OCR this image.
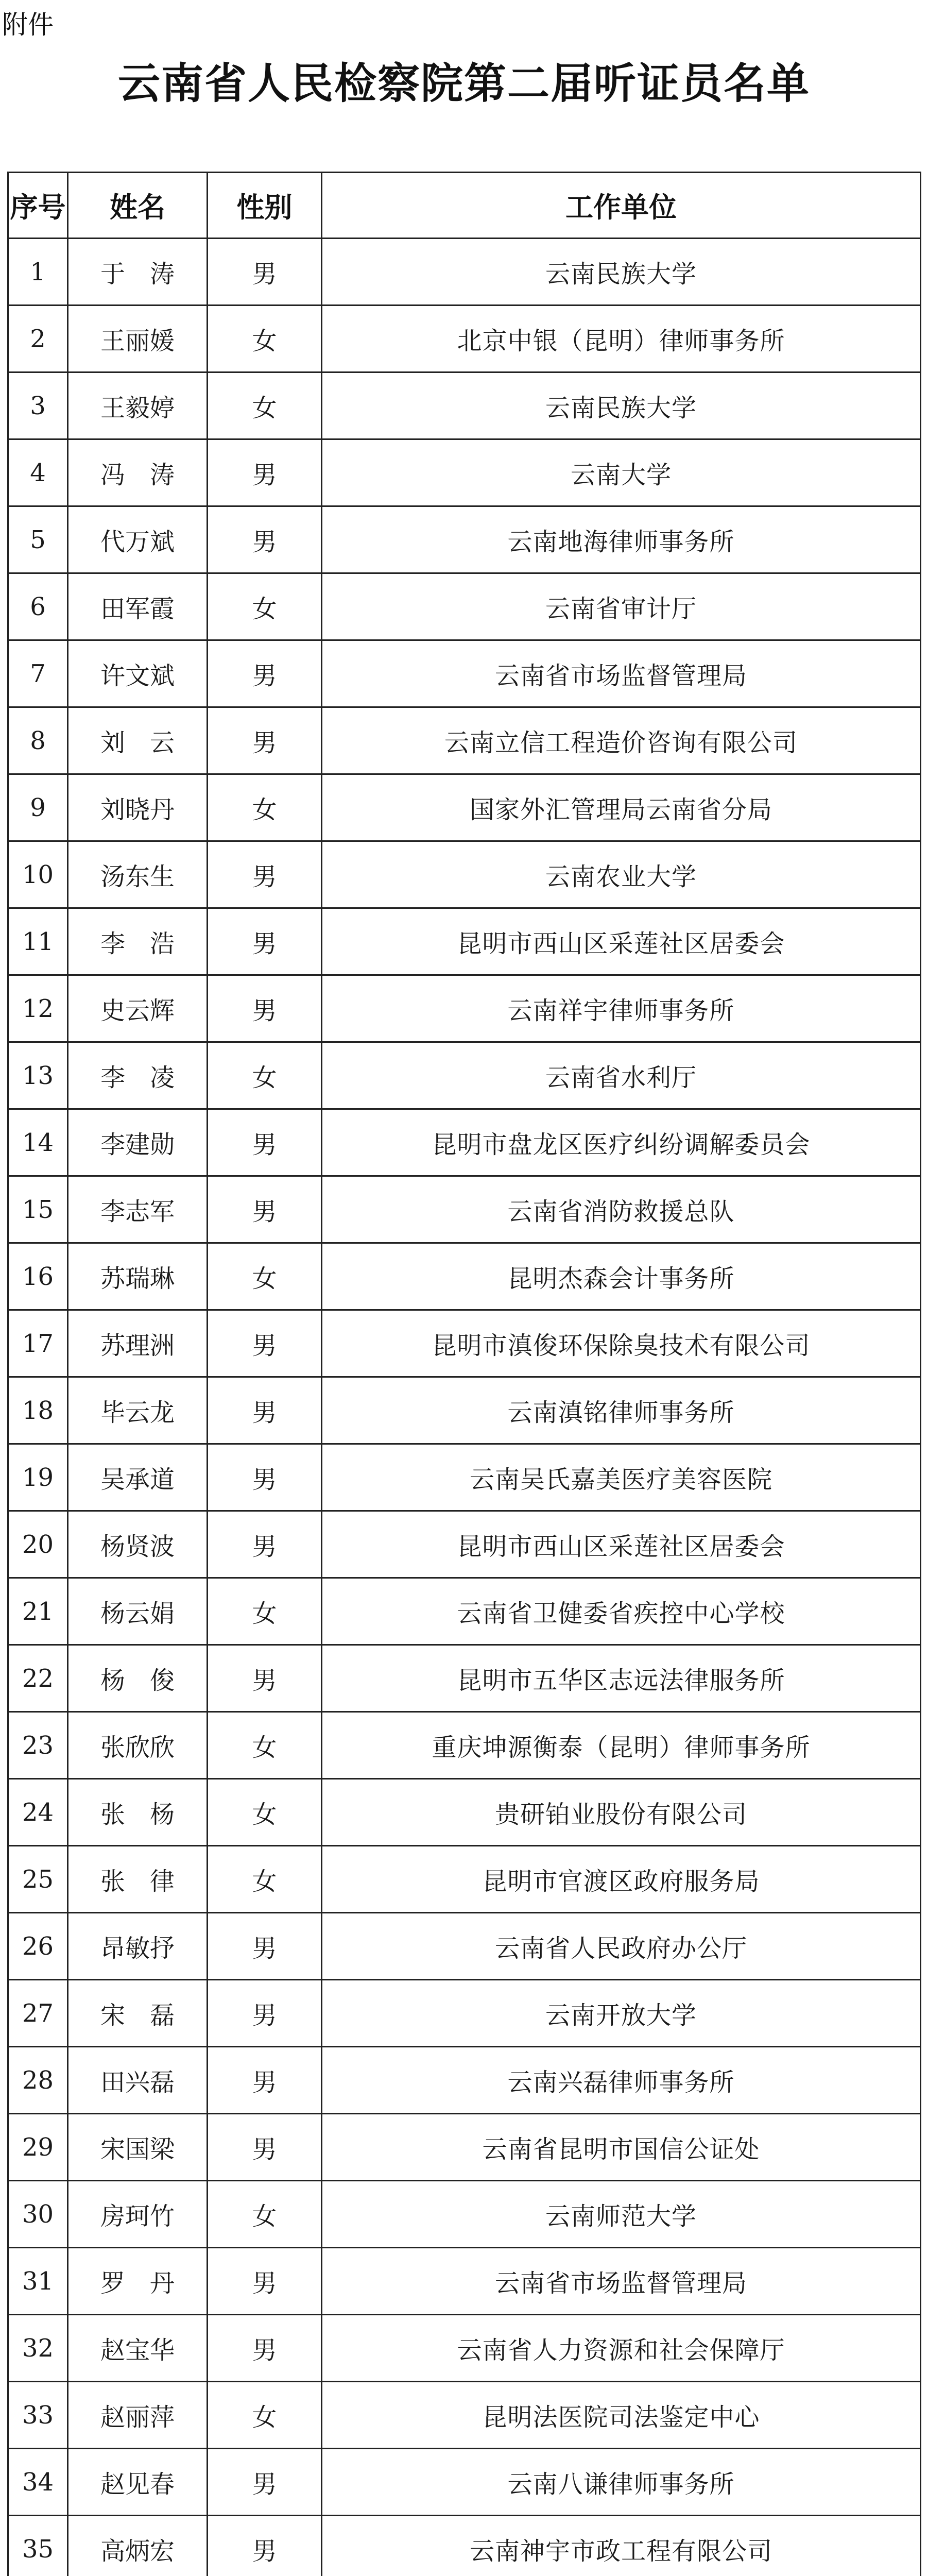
附件
云南省人民检察院第二届听证员名单
序号	姓名	性别	工作单位
1	于　涛	男	云南民族大学
2	王丽媛	女	北京中银（昆明）律师事务所
3	王毅婷	女	云南民族大学
4	冯　涛	男	云南大学
5	代万斌	男	云南地海律师事务所
6	田军霞	女	云南省审计厅
7	许文斌	男	云南省市场监督管理局
8	刘　云	男	云南立信工程造价咨询有限公司
9	刘晓丹	女	国家外汇管理局云南省分局
10	汤东生	男	云南农业大学
11	李　浩	男	昆明市西山区采莲社区居委会
12	史云辉	男	云南祥宇律师事务所
13	李　凌	女	云南省水利厅
14	李建勋	男	昆明市盘龙区医疗纠纷调解委员会
15	李志军	男	云南省消防救援总队
16	苏瑞琳	女	昆明杰森会计事务所
17	苏理洲	男	昆明市滇俊环保除臭技术有限公司
18	毕云龙	男	云南滇铭律师事务所
19	吴承道	男	云南吴氏嘉美医疗美容医院
20	杨贤波	男	昆明市西山区采莲社区居委会
21	杨云娟	女	云南省卫健委省疾控中心学校
22	杨　俊	男	昆明市五华区志远法律服务所
23	张欣欣	女	重庆坤源衡泰（昆明）律师事务所
24	张　杨	女	贵研铂业股份有限公司
25	张　律	女	昆明市官渡区政府服务局
26	昂敏抒	男	云南省人民政府办公厅
27	宋　磊	男	云南开放大学
28	田兴磊	男	云南兴磊律师事务所
29	宋国梁	男	云南省昆明市国信公证处
30	房珂竹	女	云南师范大学
31	罗　丹	男	云南省市场监督管理局
32	赵宝华	男	云南省人力资源和社会保障厅
33	赵丽萍	女	昆明法医院司法鉴定中心
34	赵见春	男	云南八谦律师事务所
35	高炳宏	男	云南神宇市政工程有限公司
